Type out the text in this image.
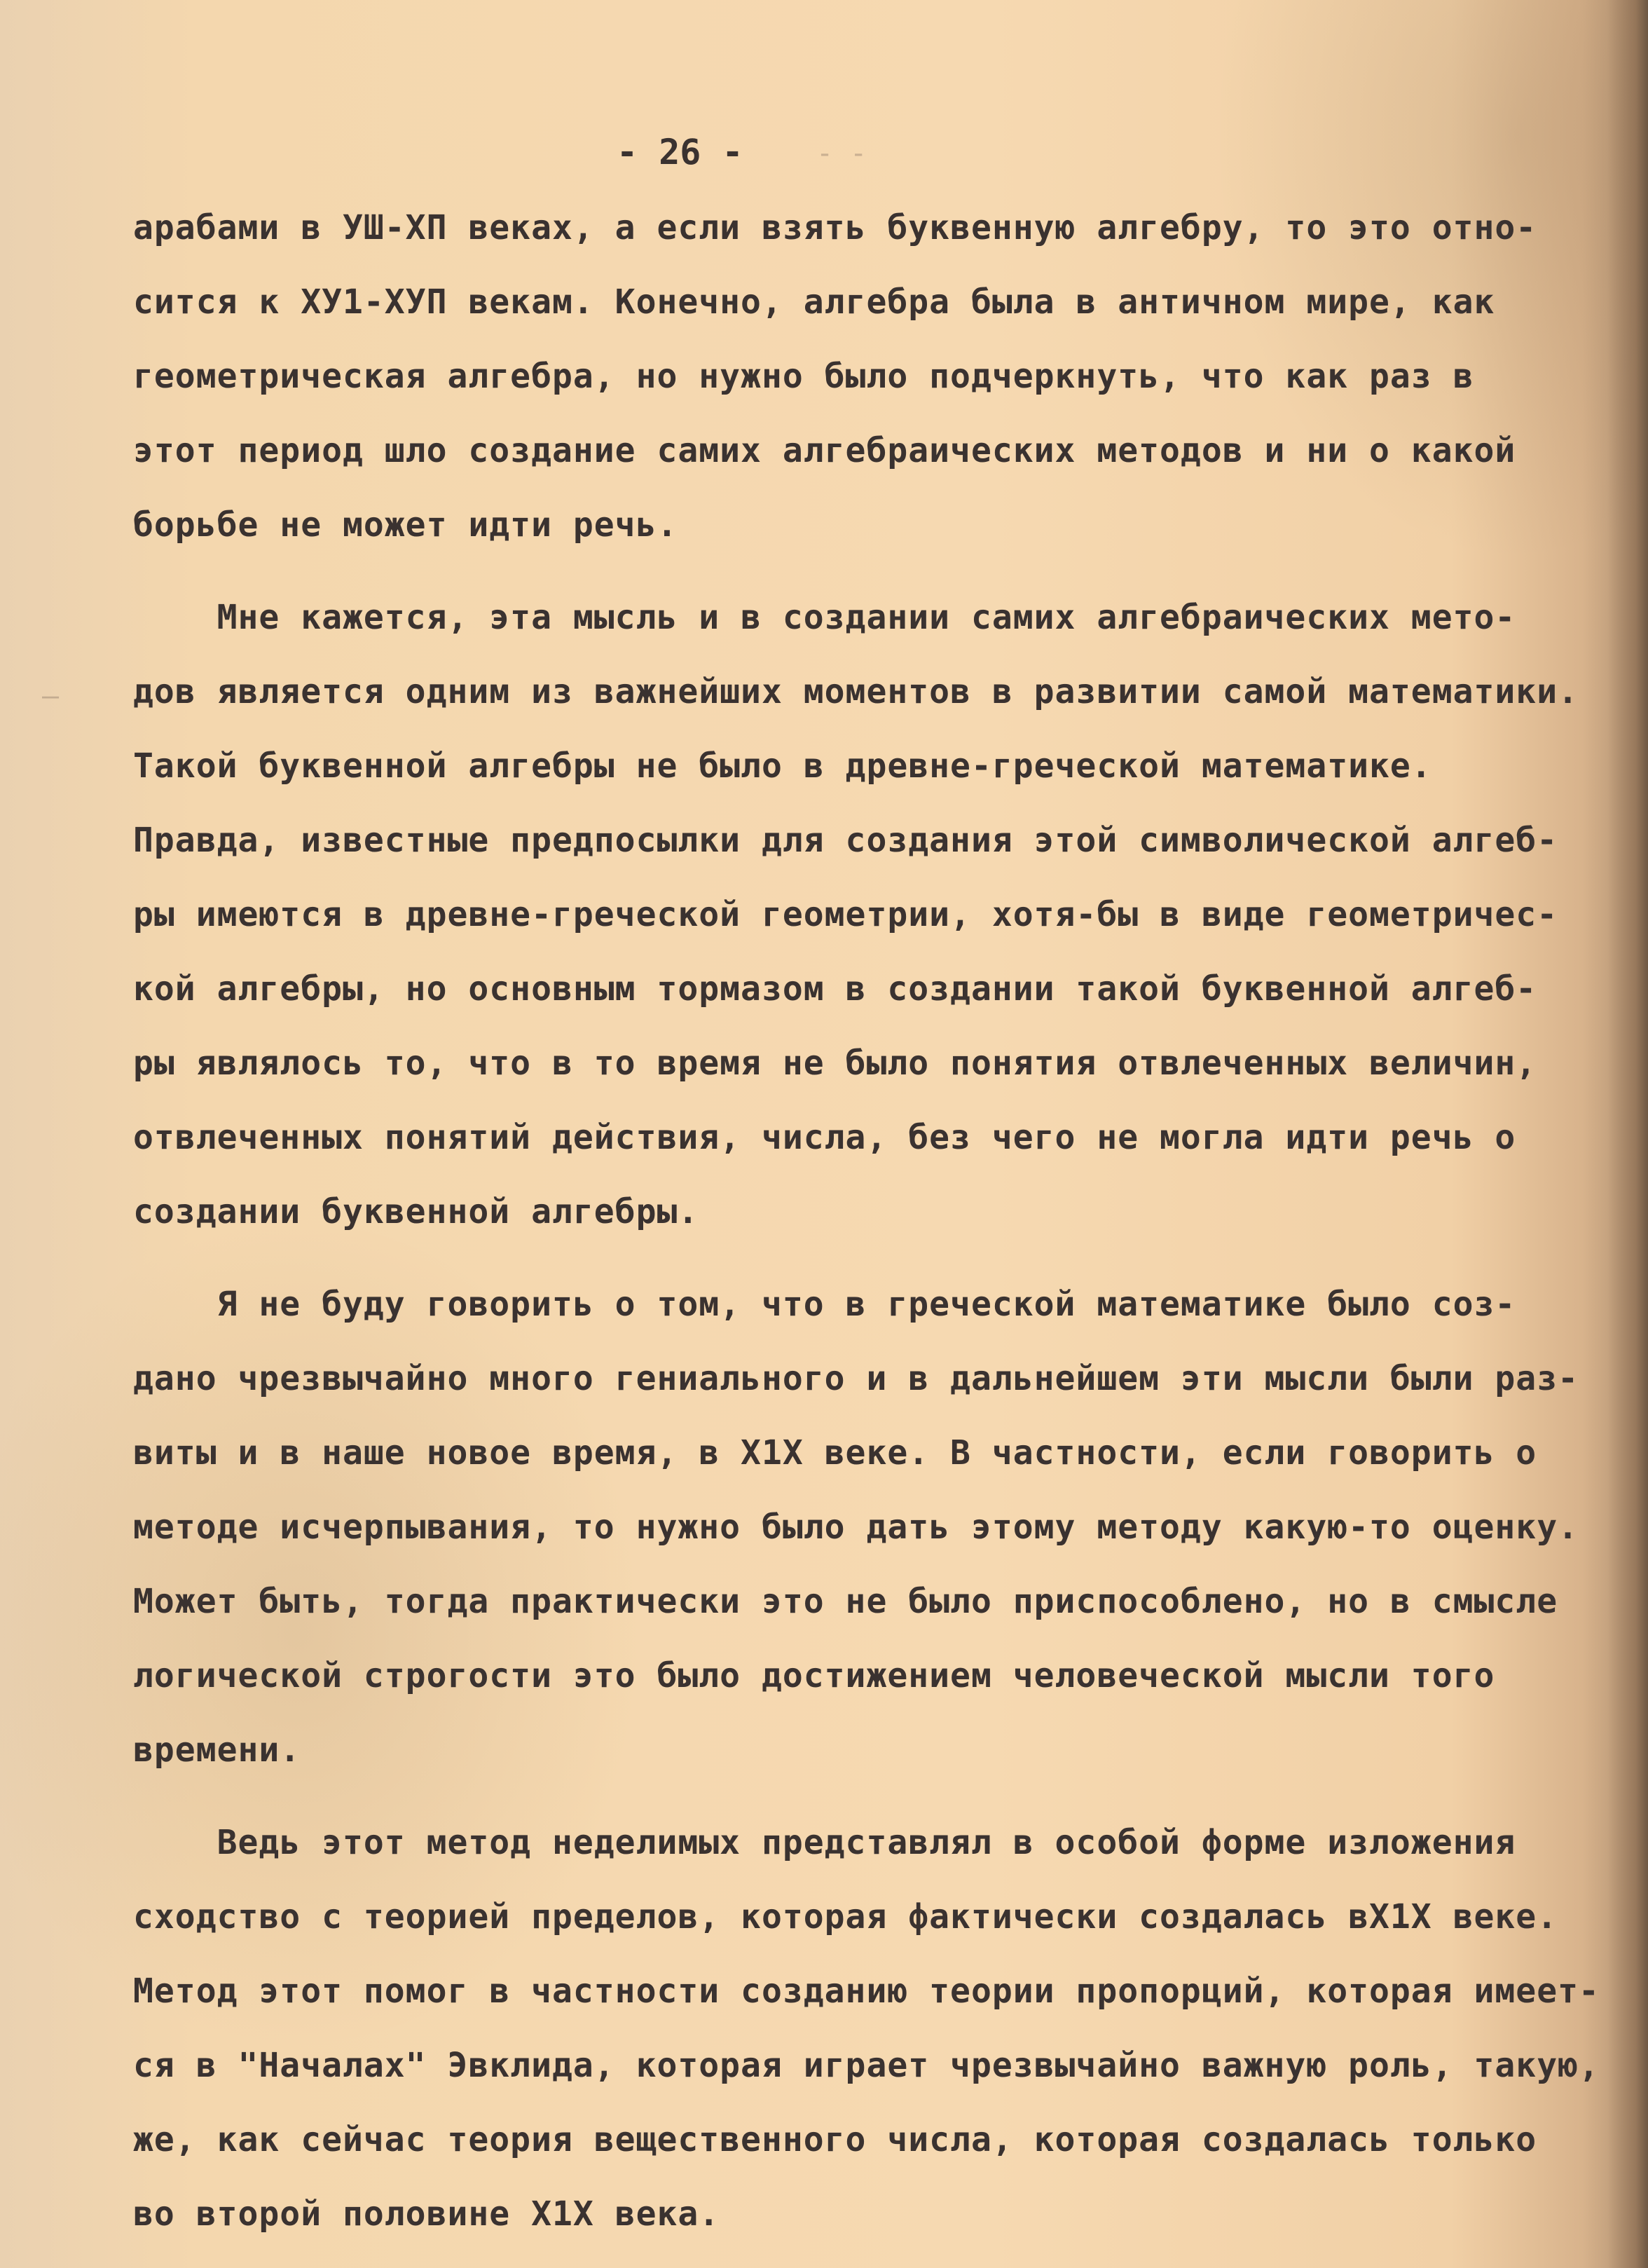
- 26 -	- -
—
арабами в УШ-ХП веках, а если взять буквенную алгебру, то это отно-
сится к ХУ1-ХУП векам. Конечно, алгебра была в античном мире, как
геометрическая алгебра, но нужно было подчеркнуть, что как раз в
этот период шло создание самих алгебраических методов и ни о какой
борьбе не может идти речь.
Мне кажется, эта мысль и в создании самих алгебраических мето-
дов является одним из важнейших моментов в развитии самой математики.
Такой буквенной алгебры не было в древне-греческой математике.
Правда, известные предпосылки для создания этой символической алгеб-
ры имеются в древне-греческой геометрии, хотя-бы в виде геометричес-
кой алгебры, но основным тормазом в создании такой буквенной алгеб-
ры являлось то, что в то время не было понятия отвлеченных величин,
отвлеченных понятий действия, числа, без чего не могла идти речь о
создании буквенной алгебры.
Я не буду говорить о том, что в греческой математике было соз-
дано чрезвычайно много гениального и в дальнейшем эти мысли были раз-
виты и в наше новое время, в Х1Х веке. В частности, если говорить о
методе исчерпывания, то нужно было дать этому методу какую-то оценку.
Может быть, тогда практически это не было приспособлено, но в смысле
логической строгости это было достижением человеческой мысли того
времени.
Ведь этот метод неделимых представлял в особой форме изложения
сходство с теорией пределов, которая фактически создалась вХ1Х веке.
Метод этот помог в частности созданию теории пропорций, которая имеет-
ся в "Началах" Эвклида, которая играет чрезвычайно важную роль, такую,
же, как сейчас теория вещественного числа, которая создалась только
во второй половине Х1Х века.
